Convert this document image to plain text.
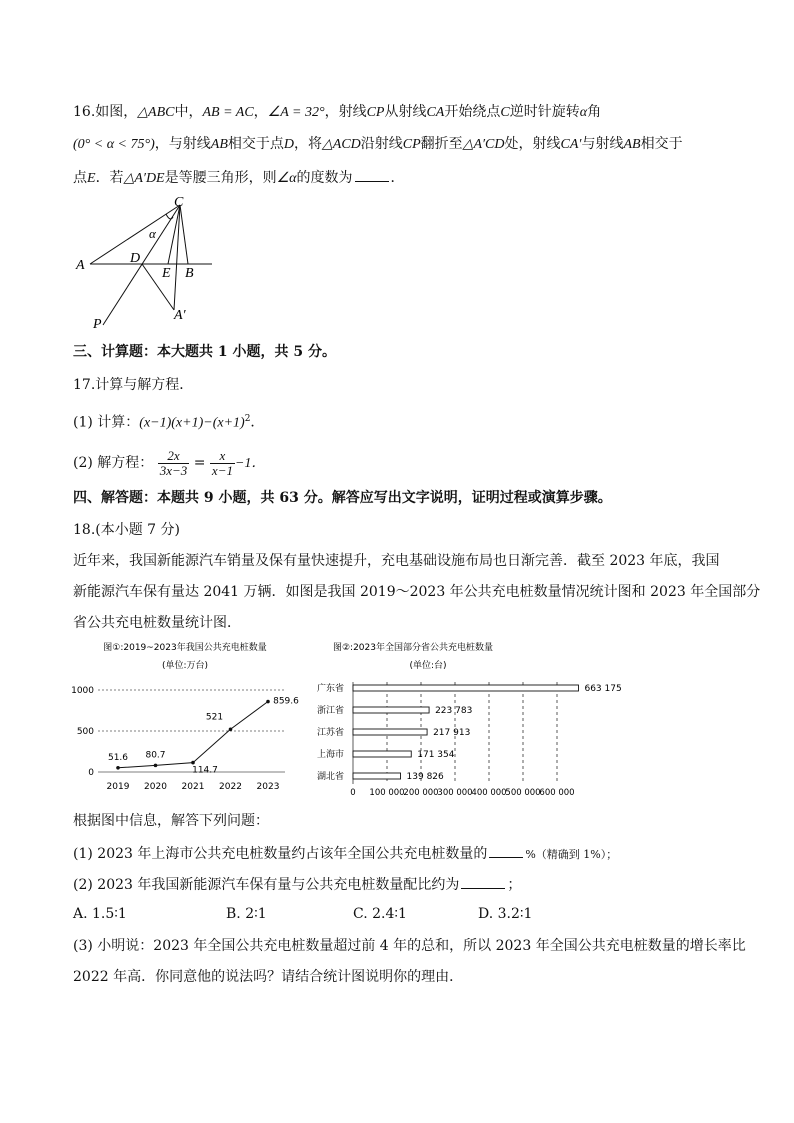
16.如图，△ABC中，AB = AC，∠A = 32°，射线CP从射线CA开始绕点C逆时针旋转α角
(0° < α < 75°)，与射线AB相交于点D，将△ACD沿射线CP翻折至△A′CD处，射线CA′与射线AB相交于
点E．若△A′DE是等腰三角形，则∠α的度数为	．
C
α
A	D
E B
A′
P
三、计算题：本大题共 1 小题，共 5 分。
17.计算与解方程．
(1) 计算：$(x-1)(x+1)-(x+1)^2$．
(2) 解方程： $\frac{2x}{3x-3} = \frac{x}{x-1} -1$．
四、解答题：本题共 9 小题，共 63 分。解答应写出文字说明，证明过程或演算步骤。
18.(本小题 7 分)
近年来，我国新能源汽车销量及保有量快速提升，充电基础设施布局也日渐完善．截至 2023 年底，我国
新能源汽车保有量达 2041 万辆．如图是我国 2019～2023 年公共充电桩数量情况统计图和 2023 年全国部分
省公共充电桩数量统计图．
图①:2019~2023年我国公共充电桩数量
(单位:万台)
51.6 80.7
114.7
521
859.6
2019 2020 2021 2022 2023
0
500
1000
图②:2023年全国部分省公共充电桩数量
(单位:台)
广东省
浙江省
江苏省
上海市
湖北省
663 175
223 783
217 913
171 354
139 826
0 100 000
200 000
300 000
400 000
500 000
600 000
根据图中信息，解答下列问题：
(1) 2023 年上海市公共充电桩数量约占该年全国公共充电桩数量的	%（精确到 1%）；
(2) 2023 年我国新能源汽车保有量与公共充电桩数量配比约为	；
A. 1.5∶1	B. 2∶1	C. 2.4∶1	D. 3.2∶1
(3) 小明说：2023 年全国公共充电桩数量超过前 4 年的总和，所以 2023 年全国公共充电桩数量的增长率比
2022 年高．你同意他的说法吗？请结合统计图说明你的理由．
